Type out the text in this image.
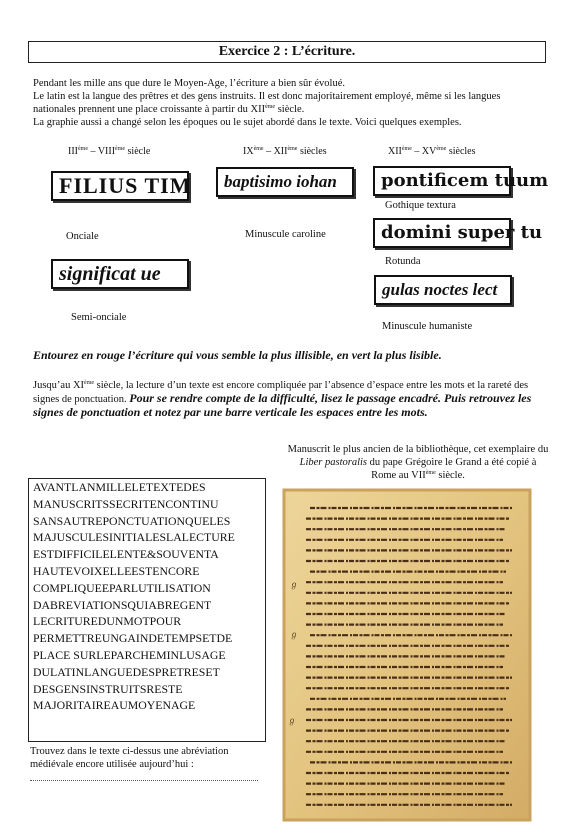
Exercice 2 : L’écriture.

Pendant les mille ans que dure le Moyen-Age, l’écriture a bien sûr évolué.

Le latin est la langue des prêtres et des gens instruits. Il est donc majoritairement employé, même si les langues nationales prennent une place croissante à partir du XIIème siècle.

La graphie aussi a changé selon les époques ou le sujet abordé dans le texte. Voici quelques exemples.

IIIème – VIIIème siècle	IXème – XIIème siècles	XIIème – XVème siècles
FILIUS TIM	baptisimo iohan	pontificem tuum
Gothique textura
Onciale	Minuscule caroline	domini super tu
Rotunda
significat ue
Semi-onciale
gulas noctes lect
Minuscule humaniste
Entourez en rouge l’écriture qui vous semble la plus illisible, en vert la plus lisible.
Jusqu’au XIème siècle, la lecture d’un texte est encore compliquée par l’absence d’espace entre les mots et la rareté des signes de ponctuation. Pour se rendre compte de la difficulté, lisez le passage encadré. Puis retrouvez les signes de ponctuation et notez par une barre verticale les espaces entre les mots.
Manuscrit le plus ancien de la bibliothèque, cet exemplaire du Liber pastoralis du pape Grégoire le Grand a été copié à Rome au VIIème siècle.
AVANTLANMILLELETEXTEDES
MANUSCRITSSECRITENCONTINU
SANSAUTREPONCTUATIONQUELES
MAJUSCULESINITIALESLALECTURE
ESTDIFFICILELENTE&SOUVENTA
HAUTEVOIXELLEESTENCORE
COMPLIQUEEPARLUTILISATION
DABREVIATIONSQUIABREGENT
LECRITUREDUNMOTPOUR
PERMETTREUNGAINDETEMPSETDE
PLACE SURLEPARCHEMINLUSAGE
DULATINLANGUEDESPRETRESET
DESGENSINSTRUITSRESTE
MAJORITAIREAUMOYENAGE
Trouvez dans le texte ci-dessus une abréviation médiévale encore utilisée aujourd’hui :
ℊ
ℊ
ℊ
